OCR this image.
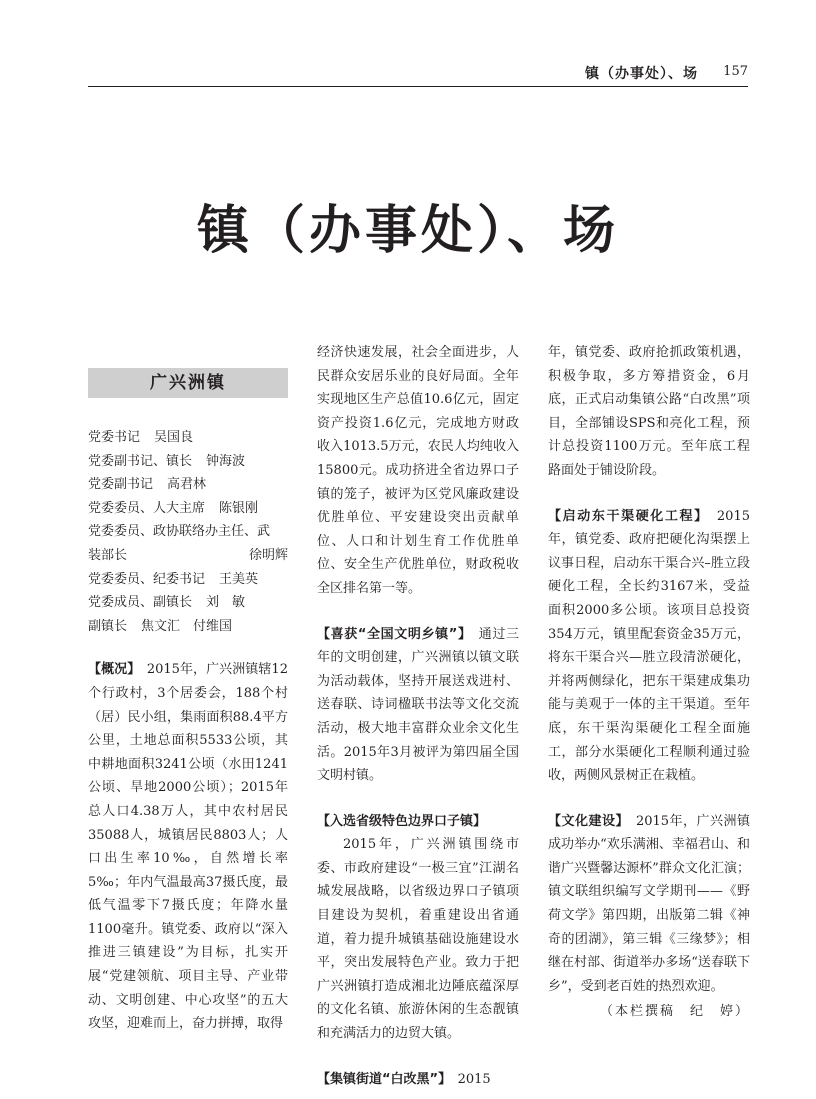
镇（办事处）、场 157
镇（办事处）、场
广兴洲镇
党委书记 吴国良
党委副书记、镇长 钟海波
党委副书记 高君林
党委委员、人大主席 陈银刚
党委委员、政协联络办主任、武
装部长	徐明辉
党委委员、纪委书记 王美英
党委成员、副镇长 刘　敏
副镇长 焦文汇　付维国

【概况】　2015年，广兴洲镇辖12个行政村，3个居委会，188个村（居）民小组，集雨面积88.4平方公里，土地总面积5533公顷，其中耕地面积3241公顷（水田1241公顷、旱地2000公顷）；2015年总人口4.38万人，其中农村居民35088人，城镇居民8803人；人口出生率10‰，自然增长率5‰；年内气温最高37摄氏度，最低气温零下7摄氏度；年降水量1100毫升。镇党委、政府以“深入推进三镇建设”为目标，扎实开展“党建领航、项目主导、产业带动、文明创建、中心攻坚”的五大攻坚，迎难而上，奋力拼搏，取得

经济快速发展，社会全面进步，人民群众安居乐业的良好局面。全年实现地区生产总值10.6亿元，固定资产投资1.6亿元，完成地方财政收入1013.5万元，农民人均纯收入15800元。成功挤进全省边界口子镇的笼子，被评为区党风廉政建设优胜单位、平安建设突出贡献单位、人口和计划生育工作优胜单位、安全生产优胜单位，财政税收全区排名第一等。

【喜获“全国文明乡镇”】　通过三年的文明创建，广兴洲镇以镇文联为活动载体，坚持开展送戏进村、送春联、诗词楹联书法等文化交流活动，极大地丰富群众业余文化生活。2015年3月被评为第四届全国文明村镇。

【入选省级特色边界口子镇】

2015年，广兴洲镇围绕市委、市政府建设“一极三宜”江湖名城发展战略，以省级边界口子镇项目建设为契机，着重建设出省通道，着力提升城镇基础设施建设水平，突出发展特色产业。致力于把广兴洲镇打造成湘北边陲底蕴深厚的文化名镇、旅游休闲的生态靓镇和充满活力的边贸大镇。

【集镇街道“白改黑”】　2015

年，镇党委、政府抢抓政策机遇，积极争取，多方筹措资金，6月底，正式启动集镇公路“白改黑”项目，全部铺设SPS和亮化工程，预计总投资1100万元。至年底工程路面处于铺设阶段。

【启动东干渠硬化工程】　2015年，镇党委、政府把硬化沟渠摆上议事日程，启动东干渠合兴–胜立段硬化工程，全长约3167米，受益面积2000多公顷。该项目总投资354万元，镇里配套资金35万元，将东干渠合兴—胜立段清淤硬化，并将两侧绿化，把东干渠建成集功能与美观于一体的主干渠道。至年底，东干渠沟渠硬化工程全面施工，部分水渠硬化工程顺利通过验收，两侧风景树正在栽植。

【文化建设】　2015年，广兴洲镇成功举办“欢乐满湘、幸福君山、和谐广兴暨馨达源杯”群众文化汇演；镇文联组织编写文学期刊——《野荷文学》第四期，出版第二辑《神奇的团湖》，第三辑《三缘梦》；相继在村部、街道举办多场“送春联下乡”，受到老百姓的热烈欢迎。

（本栏撰稿　纪　婷）
